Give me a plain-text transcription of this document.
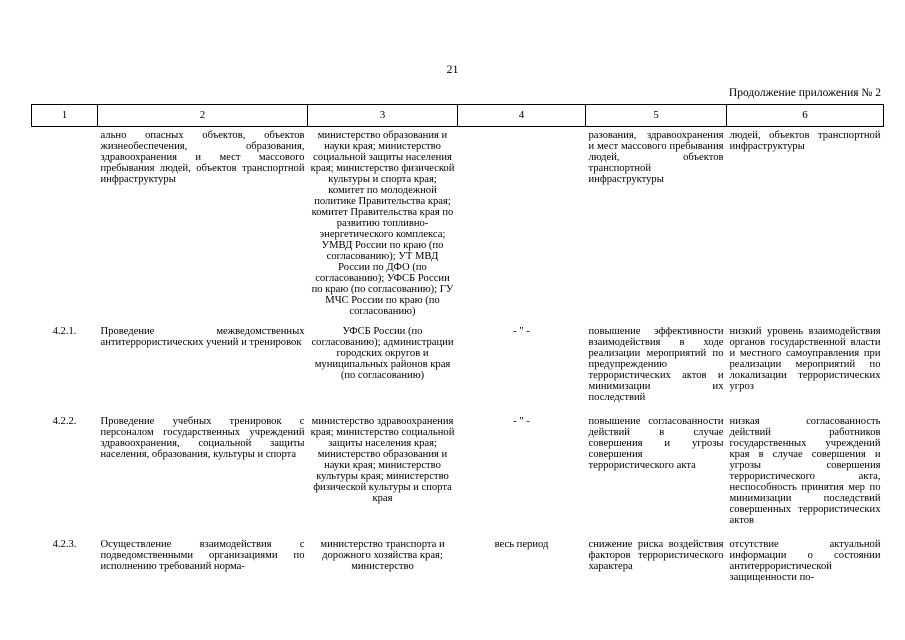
21
Продолжение приложения № 2
1	2	3	4	5	6
	ально опасных объектов, объектов жизнеобеспечения, образования, здравоохранения и мест массового пребывания людей, объектов транспортной инфраструктуры	министерство образования и науки края; министерство социальной защиты населения края; министерство физической культуры и спорта края; комитет по молодежной политике Правительства края; комитет Правительства края по развитию топливно-энергетического комплекса; УМВД России по краю (по согласованию); УТ МВД России по ДФО (по согласованию); УФСБ России по краю (по согласованию); ГУ МЧС России по краю (по согласованию)		разования, здравоохранения и мест массового пребывания людей, объектов транспортной инфраструктуры	людей, объектов транспортной инфраструктуры
4.2.1.	Проведение межведомственных антитеррористических учений и тренировок	УФСБ России (по согласованию); администрации городских округов и муниципальных районов края (по согласованию)	- " -	повышение эффективности взаимодействия в ходе реализации мероприятий по предупреждению террористических актов и минимизации их последствий	низкий уровень взаимодействия органов государственной власти и местного самоуправления при реализации мероприятий по локализации террористических угроз
4.2.2.	Проведение учебных тренировок с персоналом государственных учреждений здравоохранения, социальной защиты населения, образования, культуры и спорта	министерство здравоохранения края; министерство социальной защиты населения края; министерство образования и науки края; министерство культуры края; министерство физической культуры и спорта края	- " -	повышение согласованности действий в случае совершения и угрозы совершения террористического акта	низкая согласованность действий работников государственных учреждений края в случае совершения и угрозы совершения террористического акта, неспособность принятия мер по минимизации последствий совершенных террористических актов
4.2.3.	Осуществление взаимодействия с подведомственными организациями по исполнению требований норма-	министерство транспорта и дорожного хозяйства края; министерство	весь период	снижение риска воздействия факторов террористического характера	отсутствие актуальной информации о состоянии антитеррористической защищенности по-
